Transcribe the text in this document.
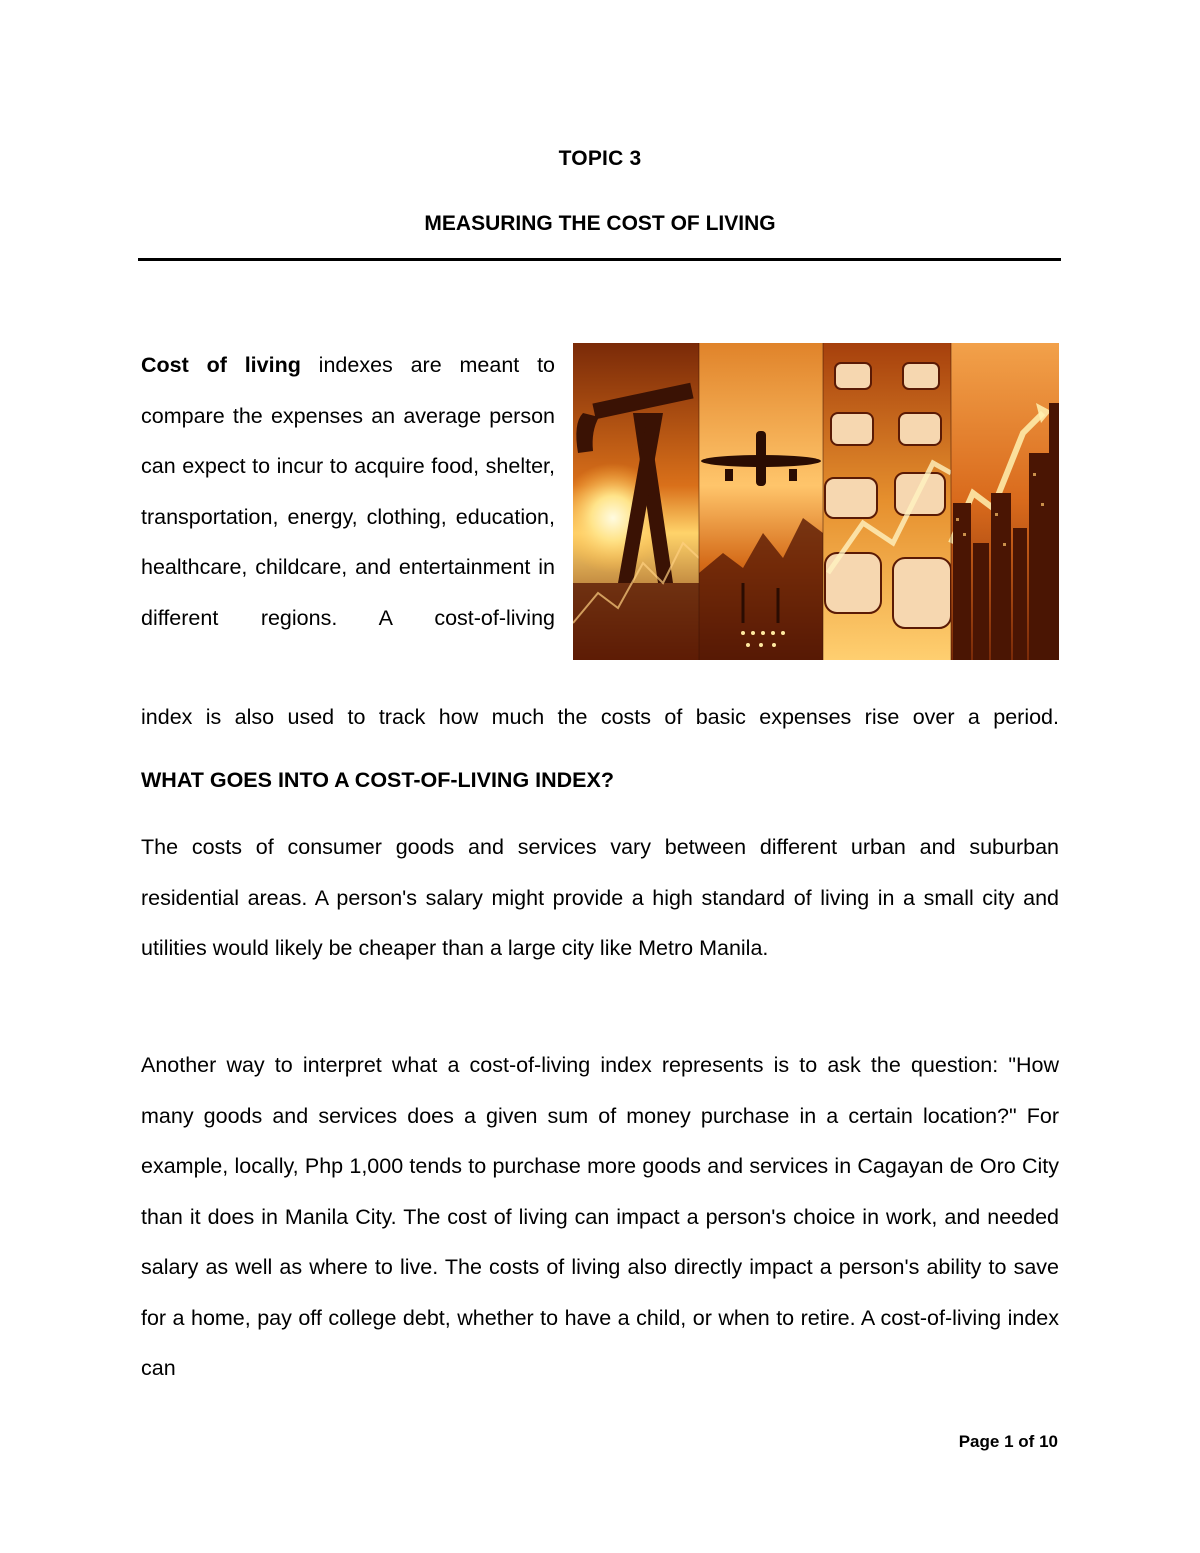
TOPIC 3
MEASURING THE COST OF LIVING
Cost of living indexes are meant to compare the expenses an average person can expect to incur to acquire food, shelter, transportation, energy, clothing, education, healthcare, childcare, and entertainment in different regions. A cost-of-living
index is also used to track how much the costs of basic expenses rise over a period.
WHAT GOES INTO A COST-OF-LIVING INDEX?
The costs of consumer goods and services vary between different urban and suburban residential areas. A person's salary might provide a high standard of living in a small city and utilities would likely be cheaper than a large city like Metro Manila.
Another way to interpret what a cost-of-living index represents is to ask the question: "How many goods and services does a given sum of money purchase in a certain location?" For example, locally, Php 1,000 tends to purchase more goods and services in Cagayan de Oro City than it does in Manila City. The cost of living can impact a person's choice in work, and needed salary as well as where to live. The costs of living also directly impact a person's ability to save for a home, pay off college debt, whether to have a child, or when to retire. A cost-of-living index can
Page 1 of 10
